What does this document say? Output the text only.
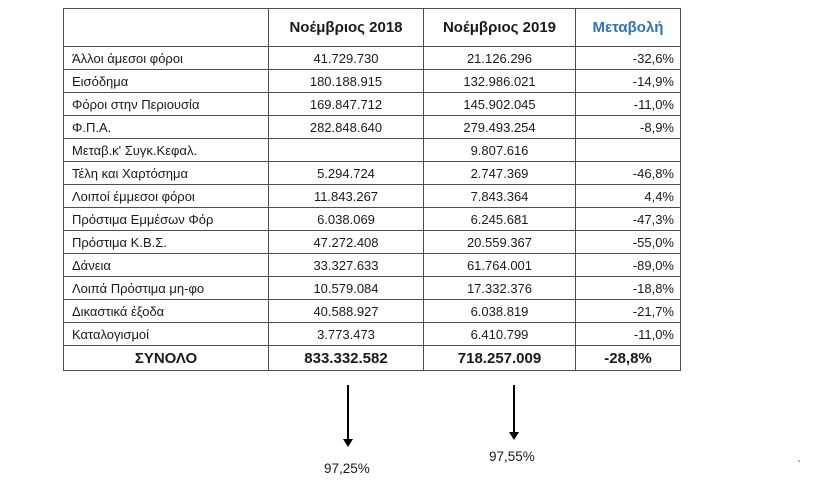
	Νοέμβριος 2018	Νοέμβριος 2019	Μεταβολή
Άλλοι άμεσοι φόροι	41.729.730	21.126.296	-32,6%
Εισόδημα	180.188.915	132.986.021	-14,9%
Φόροι στην Περιουσία	169.847.712	145.902.045	-11,0%
Φ.Π.Α.	282.848.640	279.493.254	-8,9%
Μεταβ.κ' Συγκ.Κεφαλ.		9.807.616	
Τέλη και Χαρτόσημα	5.294.724	2.747.369	-46,8%
Λοιποί έμμεσοι φόροι	11.843.267	7.843.364	4,4%
Πρόστιμα Εμμέσων Φόρ	6.038.069	6.245.681	-47,3%
Πρόστιμα Κ.Β.Σ.	47.272.408	20.559.367	-55,0%
Δάνεια	33.327.633	61.764.001	-89,0%
Λοιπά Πρόστιμα μη-φο	10.579.084	17.332.376	-18,8%
Δικαστικά έξοδα	40.588.927	6.038.819	-21,7%
Καταλογισμοί	3.773.473	6.410.799	-11,0%
ΣΥΝΟΛΟ	833.332.582	718.257.009	-28,8%
97,25%
97,55%
`
